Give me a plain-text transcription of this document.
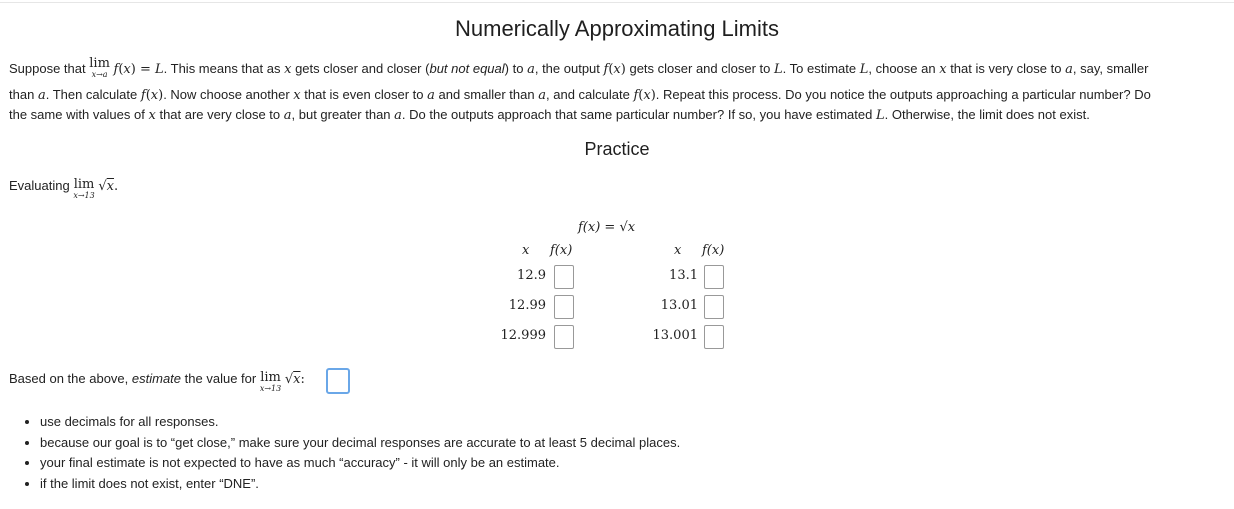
Numerically Approximating Limits
Suppose that lim
x→a f(x) = L. This means that as x gets closer and closer (but not equal) to a, the output f(x) gets closer and closer to L. To estimate L, choose an x that is very close to a, say, smaller
than a. Then calculate f(x). Now choose another x that is even closer to a and smaller than a, and calculate f(x). Repeat this process. Do you notice the outputs approaching a particular number? Do
the same with values of x that are very close to a, but greater than a. Do the outputs approach that same particular number? If so, you have estimated L. Otherwise, the limit does not exist.
Practice
Evaluating lim
x→13
√x.
f(x) = √x
x f(x)
12.9
12.99
12.999
x f(x)
13.1
13.01
13.001
Based on the above, estimate the value for lim
x→13
√x:
• use decimals for all responses.
• because our goal is to “get close,” make sure your decimal responses are accurate to at least 5 decimal places.
• your final estimate is not expected to have as much “accuracy” - it will only be an estimate.
• if the limit does not exist, enter “DNE”.
